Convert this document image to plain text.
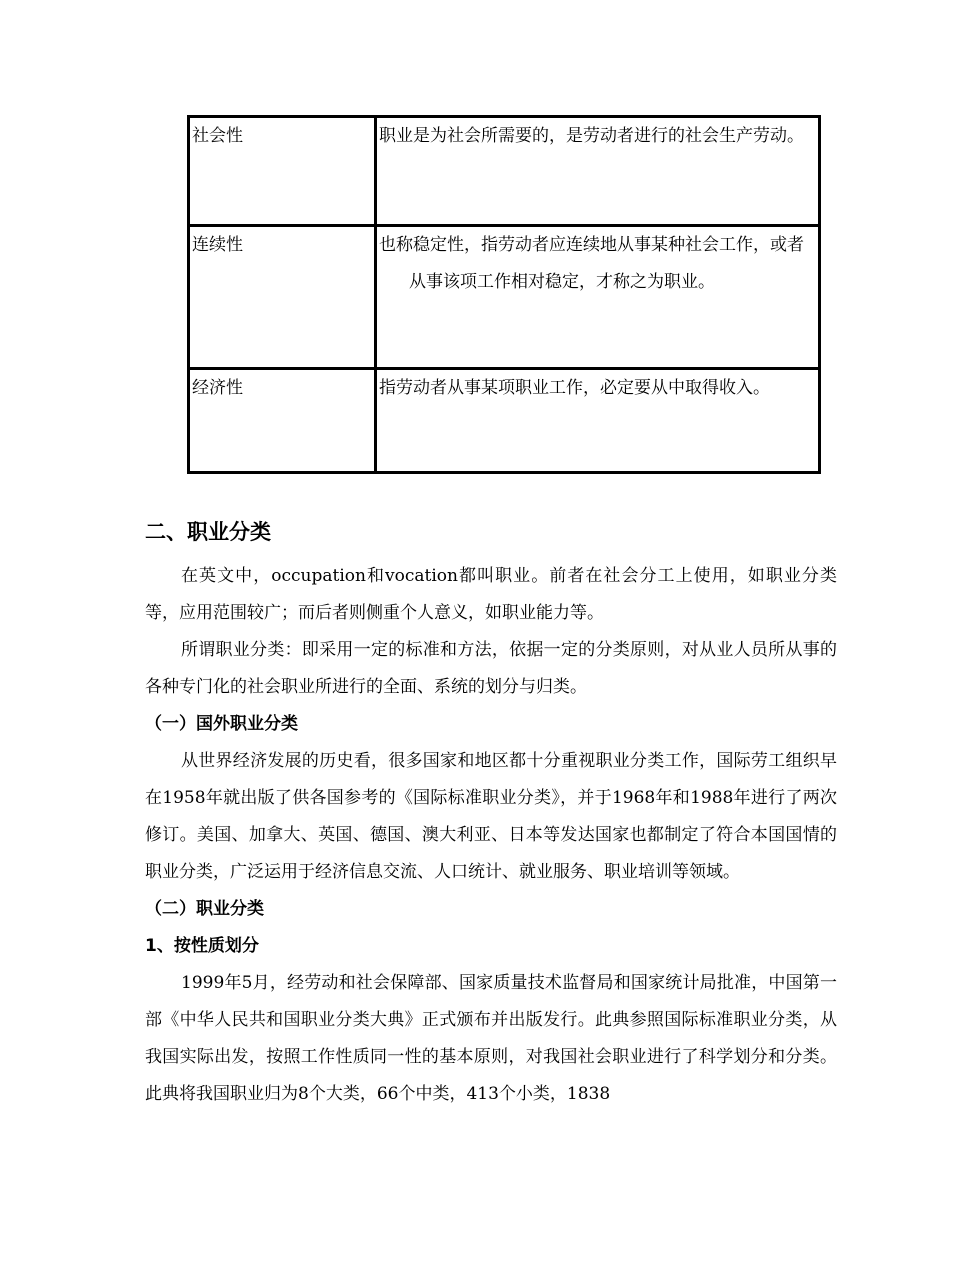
社会性	职业是为社会所需要的，是劳动者进行的社会生产劳动。

连续性	也称稳定性，指劳动者应连续地从事某种社会工作，或者从事该项工作相对稳定，才称之为职业。

经济性	指劳动者从事某项职业工作，必定要从中取得收入。
二、职业分类

在英文中，occupation和vocation都叫职业。前者在社会分工上使用，如职业分类等，应用范围较广；而后者则侧重个人意义，如职业能力等。

所谓职业分类：即采用一定的标准和方法，依据一定的分类原则，对从业人员所从事的各种专门化的社会职业所进行的全面、系统的划分与归类。

（一）国外职业分类

从世界经济发展的历史看，很多国家和地区都十分重视职业分类工作，国际劳工组织早在1958年就出版了供各国参考的《国际标准职业分类》，并于1968年和1988年进行了两次修订。美国、加拿大、英国、德国、澳大利亚、日本等发达国家也都制定了符合本国国情的职业分类，广泛运用于经济信息交流、人口统计、就业服务、职业培训等领域。

（二）职业分类
1、按性质划分

1999年5月，经劳动和社会保障部、国家质量技术监督局和国家统计局批准，中国第一部《中华人民共和国职业分类大典》正式颁布并出版发行。此典参照国际标准职业分类，从我国实际出发，按照工作性质同一性的基本原则，对我国社会职业进行了科学划分和分类。此典将我国职业归为8个大类，66个中类，413个小类，1838
